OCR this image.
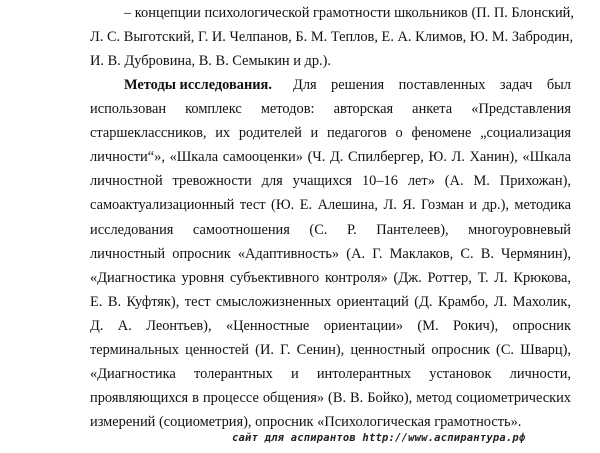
– концепции психологической грамотности школьников (П. П. Блонский,
Л. С. Выготский, Г. И. Челпанов, Б. М. Теплов, Е. А. Климов, Ю. М. Забродин,
И. В. Дубровина, В. В. Семыкин и др.).
Методы исследования. Для решения поставленных задач был
использован комплекс методов: авторская анкета «Представления
старшеклассников, их родителей и педагогов о феномене „социализация
личности“», «Шкала самооценки» (Ч. Д. Спилбергер, Ю. Л. Ханин), «Шкала
личностной тревожности для учащихся 10–16 лет» (А. М. Прихожан),
самоактуализационный тест (Ю. Е. Алешина, Л. Я. Гозман и др.), методика
исследования самоотношения (С. Р. Пантелеев), многоуровневый
личностный опросник «Адаптивность» (А. Г. Маклаков, С. В. Чермянин),
«Диагностика уровня субъективного контроля» (Дж. Роттер, Т. Л. Крюкова,
Е. В. Куфтяк), тест смысложизненных ориентаций (Д. Крамбо, Л. Махолик,
Д. А. Леонтьев), «Ценностные ориентации» (М. Рокич), опросник
терминальных ценностей (И. Г. Сенин), ценностный опросник (С. Шварц),
«Диагностика толерантных и интолерантных установок личности,
проявляющихся в процессе общения» (В. В. Бойко), метод социометрических
измерений (социометрия), опросник «Психологическая грамотность».
сайт для аспирантов http://www.аспирантура.рф
